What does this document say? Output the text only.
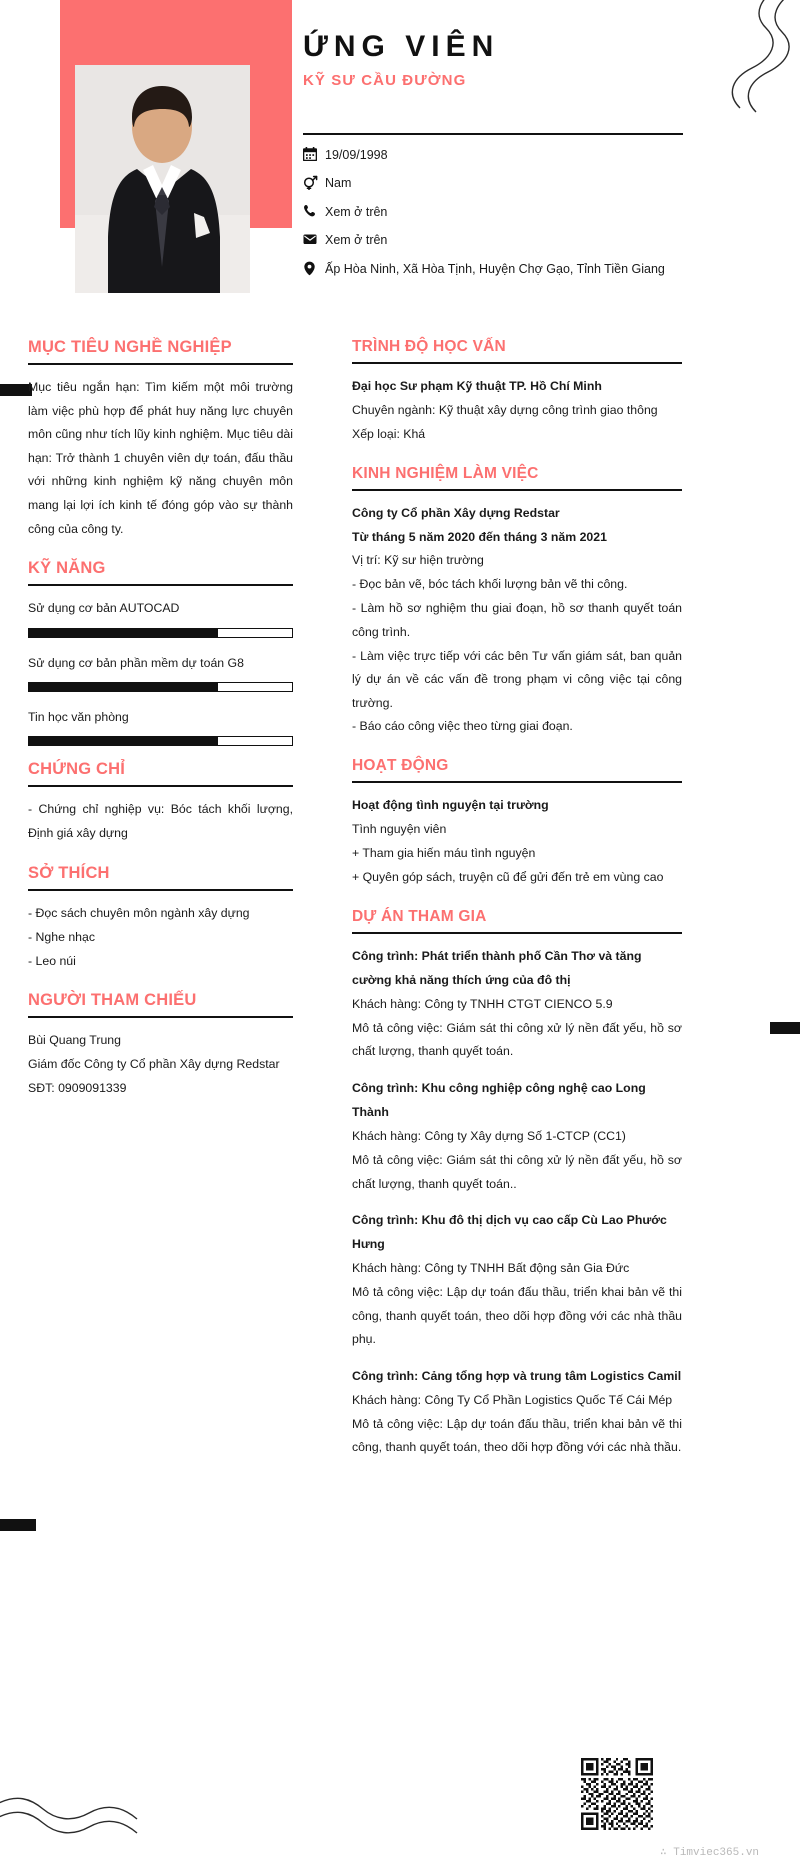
ỨNG VIÊN
KỸ SƯ CẦU ĐƯỜNG
19/09/1998
Nam
Xem ở trên
Xem ở trên
Ấp Hòa Ninh, Xã Hòa Tịnh, Huyện Chợ Gạo, Tỉnh Tiền Giang
MỤC TIÊU NGHỀ NGHIỆP
Mục tiêu ngắn hạn: Tìm kiếm một môi trường làm việc phù hợp để phát huy năng lực chuyên môn cũng như tích lũy kinh nghiệm. Mục tiêu dài hạn: Trở thành 1 chuyên viên dự toán, đấu thầu với những kinh nghiệm kỹ năng chuyên môn mang lại lợi ích kinh tế đóng góp vào sự thành công của công ty.
KỸ NĂNG
Sử dụng cơ bản AUTOCAD
Sử dụng cơ bản phần mềm dự toán G8
Tin học văn phòng
CHỨNG CHỈ
- Chứng chỉ nghiệp vụ: Bóc tách khối lượng, Định giá xây dựng
SỞ THÍCH
- Đọc sách chuyên môn ngành xây dựng
- Nghe nhạc
- Leo núi
NGƯỜI THAM CHIẾU
Bùi Quang Trung
Giám đốc Công ty Cổ phần Xây dựng Redstar
SĐT: 0909091339
TRÌNH ĐỘ HỌC VẤN
Đại học Sư phạm Kỹ thuật TP. Hồ Chí Minh
Chuyên ngành: Kỹ thuật xây dựng công trình giao thông
Xếp loại: Khá
KINH NGHIỆM LÀM VIỆC
Công ty Cổ phần Xây dựng Redstar
Từ tháng 5 năm 2020 đến tháng 3 năm 2021
Vị trí: Kỹ sư hiện trường
- Đọc bản vẽ, bóc tách khối lượng bản vẽ thi công.
- Làm hồ sơ nghiệm thu giai đoạn, hồ sơ thanh quyết toán công trình.
- Làm việc trực tiếp với các bên Tư vấn giám sát, ban quản lý dự án về các vấn đề trong phạm vi công việc tại công trường.
- Báo cáo công việc theo từng giai đoạn.
HOẠT ĐỘNG
Hoạt động tình nguyện tại trường
Tình nguyện viên
+ Tham gia hiến máu tình nguyện
+ Quyên góp sách, truyện cũ để gửi đến trẻ em vùng cao
DỰ ÁN THAM GIA
Công trình: Phát triển thành phố Cần Thơ và tăng cường khả năng thích ứng của đô thị
Khách hàng: Công ty TNHH CTGT CIENCO 5.9
Mô tả công việc: Giám sát thi công xử lý nền đất yếu, hồ sơ chất lượng, thanh quyết toán.
Công trình: Khu công nghiệp công nghệ cao Long Thành
Khách hàng: Công ty Xây dựng Số 1-CTCP (CC1)
Mô tả công việc: Giám sát thi công xử lý nền đất yếu, hồ sơ chất lượng, thanh quyết toán..
Công trình: Khu đô thị dịch vụ cao cấp Cù Lao Phước Hưng
Khách hàng: Công ty TNHH Bất động sản Gia Đức
Mô tả công việc: Lập dự toán đấu thầu, triển khai bản vẽ thi công, thanh quyết toán, theo dõi hợp đồng với các nhà thầu phụ.
Công trình: Cảng tổng hợp và trung tâm Logistics Camil
Khách hàng: Công Ty Cổ Phần Logistics Quốc Tế Cái Mép
Mô tả công việc: Lập dự toán đấu thầu, triển khai bản vẽ thi công, thanh quyết toán, theo dõi hợp đồng với các nhà thầu.
∴ Timviec365.vn
